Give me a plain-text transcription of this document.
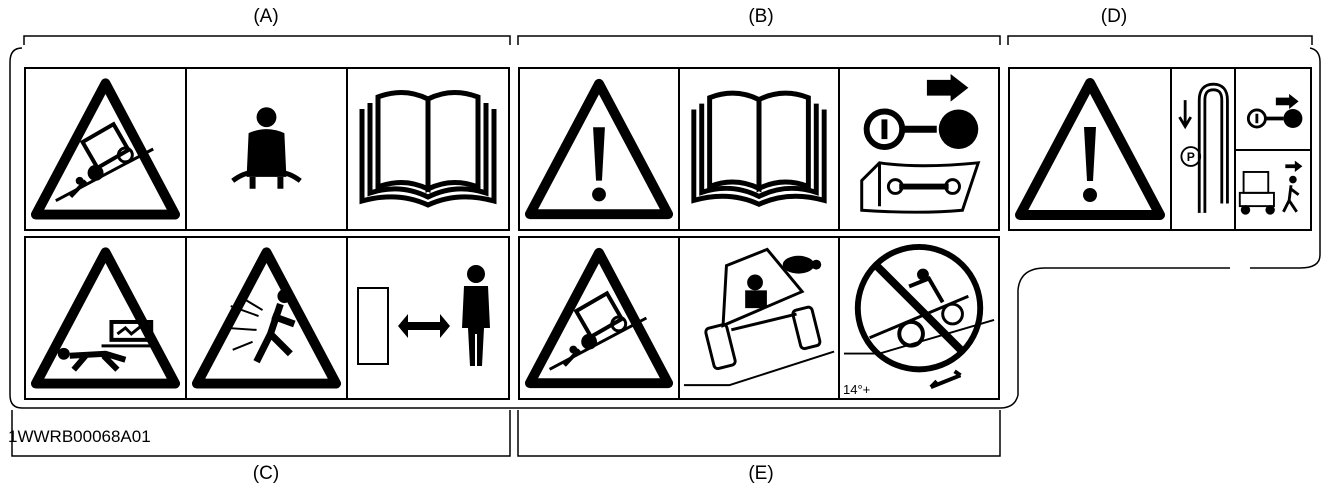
(A)	(B)	(D)
(C)	(E)
1WWRB00068A01
14°+
P
